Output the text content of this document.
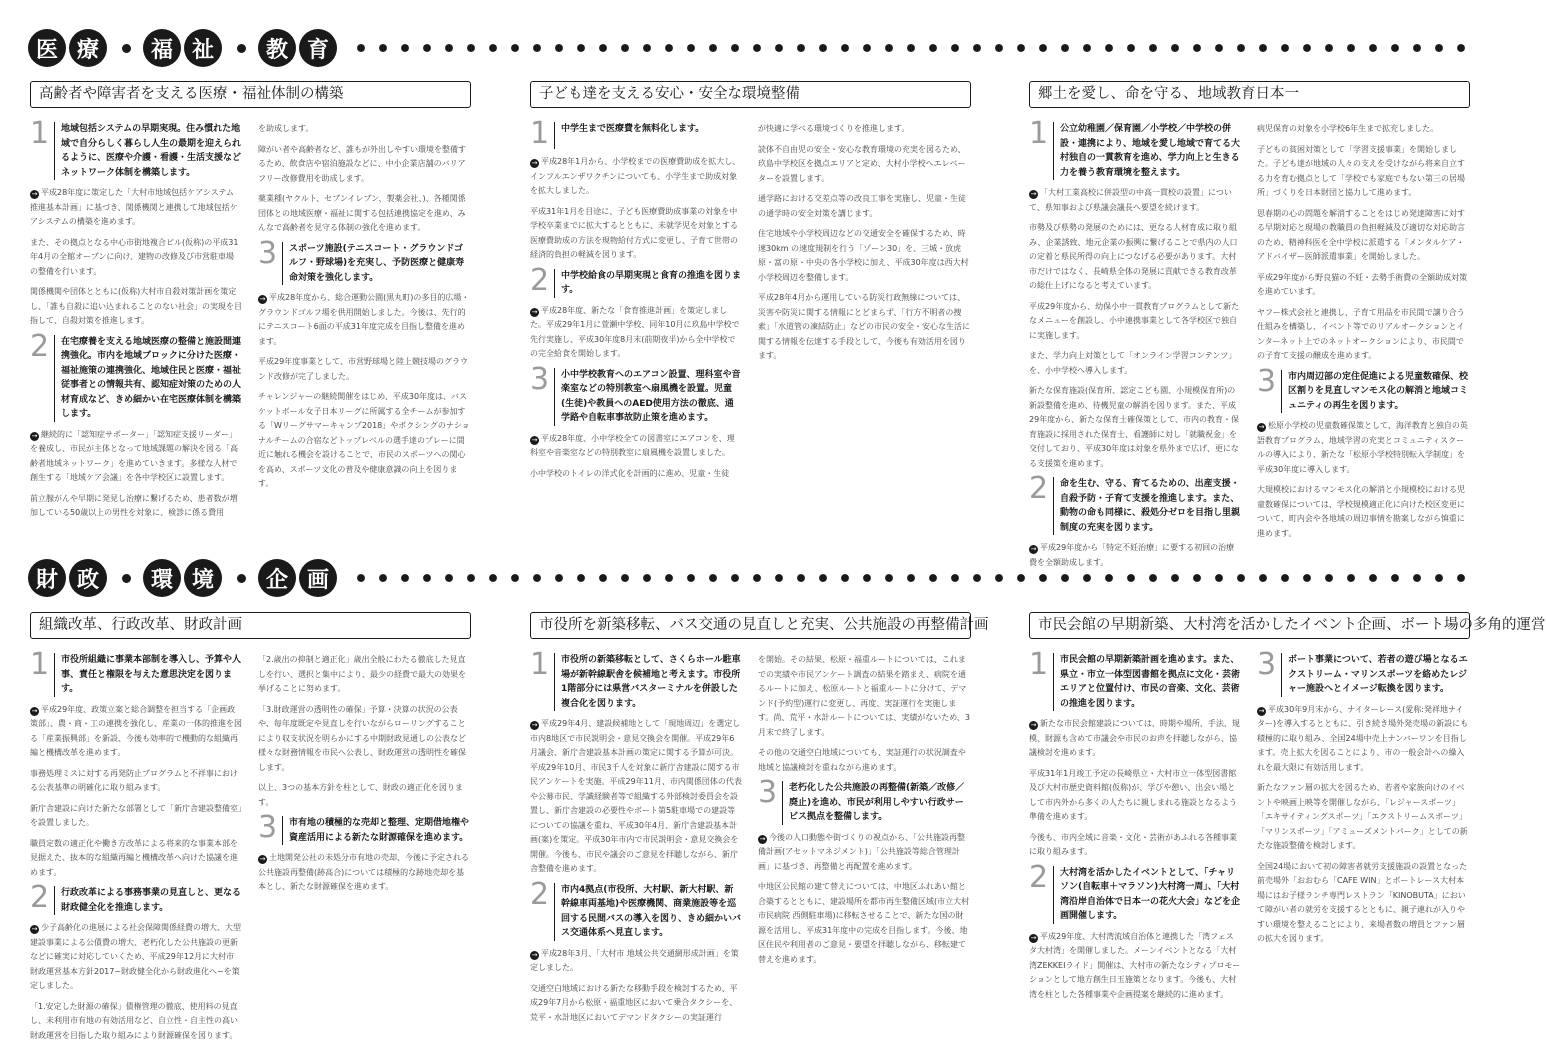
医 療	福 祉	教 育
高齢者や障害者を支える医療・福祉体制の構築
1	地域包括システムの早期実現。住み慣れた地域で自分らしく暮らし人生の最期を迎えられるように、医療や介護・看護・生活支援などネットワーク体制を構築します。
→ 平成28年度に策定した「大村市地域包括ケアシステム推進基本計画」に基づき、関係機関と連携して地域包括ケアシステムの構築を進めます。
また、その拠点となる中心市街地複合ビル(仮称)の平成31年4月の全館オープンに向け、建物の改修及び市営駐車場の整備を行います。
関係機関や団体とともに(仮称)大村市自殺対策計画を策定し、「誰も自殺に追い込まれることのない社会」の実現を目指して、自殺対策を推進します。
2	在宅療養を支える地域医療の整備と施設間連携強化。市内を地域ブロックに分けた医療・福祉施策の連携強化、地域住民と医療・福祉従事者との情報共有、認知症対策のための人材育成など、きめ細かい在宅医療体制を構築します。
→ 継続的に「認知症サポーター」「認知症支援リーダー」を養成し、市民が主体となって地域課題の解決を図る「高齢者地域ネットワーク」を進めていきます。多様な人材で創生する「地域ケア会議」を各中学校区に設置します。
前立腺がんや早期に発見し治療に繋げるため、患者数が増加している50歳以上の男性を対象に、検診に係る費用
を助成します。
障がい者や高齢者など、誰もが外出しやすい環境を整備するため、飲食店や宿泊施設などに、中小企業店舗のバリアフリー改修費用を助成します。
薬業種(ヤクルト、セブンイレブン、製薬会社、)、各種関係団体との地域医療・福祉に関する包括連携協定を進め、みんなで高齢者を見守る体制の強化を進めます。
3	スポーツ施設(テニスコート・グラウンドゴルフ・野球場)を充実し、予防医療と健康寿命対策を強化します。
→ 平成28年度から、総合運動公園(黒丸町)の多目的広場・グラウンドゴルフ場を供用開始しました。今後は、先行的にテニスコート6面の平成31年度完成を目指し整備を進めます。
平成29年度事業として、市営野球場と陸上競技場のグラウンド改修が完了しました。
チャレンジャーの継続開催をはじめ、平成30年度は、バスケットボール女子日本リーグに所属する全チームが参加する「Wリーグサマーキャンプ2018」やボクシングのナショナルチームの合宿などトップレベルの選手達のプレーに間近に触れる機会を設けることで、市民のスポーツへの関心を高め、スポーツ文化の普及や健康意識の向上を図ります。
子ども達を支える安心・安全な環境整備
1	中学生まで医療費を無料化します。
→ 平成28年1月から、小学校までの医療費助成を拡大し、インフルエンザワクチンについても、小学生まで助成対象を拡大しました。
平成31年1月を目途に、子ども医療費助成事業の対象を中学校卒業までに拡大するとともに、未就学児を対象とする医療費助成の方法を現物給付方式に変更し、子育て世帯の経済的負担の軽減を図ります。
2	中学校給食の早期実現と食育の推進を図ります。
→ 平成28年度、新たな「食育推進計画」を策定しました。平成29年1月に萱瀬中学校、同年10月に玖島中学校で先行実施し、平成30年度8月末(前期夜半)から全中学校での完全給食を開始します。
3	小中学校教育へのエアコン設置、理科室や音楽室などの特別教室へ扇風機を設置。児童(生徒)や教員へのAED使用方法の徹底、通学路や自転車事故防止策を進めます。
→ 平成28年度、小中学校全ての図書室にエアコンを、理科室や音楽室などの特別教室に扇風機を設置しました。
小中学校のトイレの洋式化を計画的に進め、児童・生徒
が快適に学べる環境づくりを推進します。
読体不自由児の安全・安心な教育環境の充実を図るため、玖島中学校区を拠点エリアと定め、大村小学校へエレベーターを設置します。
通学路における交差点等の改良工事を実施し、児童・生徒の通学時の安全対策を講じます。
住宅地域や小学校周辺などの交通安全を確保するため、時速30km の速度規制を行う「ゾーン30」を、三城・放虎原・富の原・中央の各小学校に加え、平成30年度は西大村小学校周辺を整備します。
平成28年4月から運用している防災行政無線については、災害や防災に関する情報にとどまらず、「行方不明者の捜索」「水道管の凍結防止」などの市民の安全・安心な生活に関する情報を伝達する手段として、今後も有効活用を図ります。
郷土を愛し、命を守る、地域教育日本一
1	公立幼稚園／保育園／小学校／中学校の併設・連携により、地域を愛し地域で育てる大村独自の一貫教育を進め、学力向上と生きる力を養う教育環境を整えます。
→ 「大村工業高校に併設型の中高一貫校の設置」について、県知事および県議会議長へ要望を続けます。
市勢及び県勢の発展のためには、更なる人材育成に取り組み、企業誘致、地元企業の振興に繋げることで県内の人口の定着と県民所得の向上につなげる必要があります。大村市だけではなく、長崎県全体の発展に貢献できる教育改革の総仕上げになると考えています。
平成29年度から、幼保小中一貫教育プログラムとして新たなメニューを創設し、小中連携事業として各学校区で独自に実施します。
また、学力向上対策として「オンライン学習コンテンツ」を、小中学校へ導入します。
新たな保育施設(保育所、認定こども園、小規模保育所)の新設整備を進め、待機児童の解消を図ります。また、平成29年度から、新たな保育士確保策として、市内の教育・保育施設に採用された保育士、看護師に対し「就職祝金」を交付しており、平成30年度は対象を県外まで広げ、更になる支援策を進めます。
2	命を生む、守る、育てるための、出産支援・自殺予防・子育て支援を推進します。また、動物の命も同様に、殺処分ゼロを目指し里親制度の充実を図ります。
→ 平成29年度から「特定不妊治療」に要する初回の治療費を全額助成します。
病児保育の対象を小学校6年生まで拡充しました。
子どもの貧困対策として「学習支援事業」を開始しました。子ども達が地域の人々の支えを受けながら将来自立する力を育む拠点として「学校でも家庭でもない第三の居場所」づくりを日本財団と協力して進めます。
思春期の心の問題を解消することをはじめ発達障害に対する早期対応と現場の教職員の負担軽減及び適切な対応助言のため、精神科医を全中学校に派遣する「メンタルケア・アドバイザー医師派遣事業」を開始しました。
平成29年度から野良猫の不妊・去勢手術費の全額助成対策を進めています。
ヤフー株式会社と連携し、子育て用品を市民間で譲り合う仕組みを構築し、イベント等でのリアルオークションとインターネット上でのネットオークションにより、市民間での子育て支援の醸成を進めます。
3	市内周辺部の定住促進による児童数確保、校区割りを見直しマンモス化の解消と地域コミュニティの再生を図ります。
→ 松原小学校の児童数確保策として、海洋教育と独自の英語教育プログラム、地域学習の充実とコミュニティスクールの導入により、新たな「松原小学校特別転入学制度」を平成30年度に導入します。
大規模校におけるマンモス化の解消と小規模校における児童数確保については、学校規模適正化に向けた校区変更について、町内会や各地域の周辺事情を勘案しながら慎重に進めます。
財 政	環 境	企 画
組織改革、行政改革、財政計画
1	市役所組織に事業本部制を導入し、予算や人事、責任と権限を与えた意思決定を図ります。
→ 平成29年度、政策立案と総合調整を担当する「企画政策部」、農・商・工の連携を強化し、産業の一体的推進を図る「産業振興部」を新設、今後も効率的で機動的な組織再編と機構改革を進めます。
事務処理ミスに対する再発防止プログラムと不祥事における公表基準の明確化に取り組みます。
新庁舎建設に向けた新たな部署として「新庁舎建設整備室」を設置しました。
職員定数の適正化や働き方改革による将来的な事業本部を見据えた、抜本的な組織再編と機構改革へ向けた協議を進めます。
2	行政改革による事務事業の見直しと、更なる財政健全化を推進します。
→ 少子高齢化の進展による社会保障関係経費の増大、大型建設事業による公債費の増大、老朽化した公共施設の更新などに確実に対応していくため、平成29年12月に大村市財政運営基本方針2017~財政健全化から財政進化へ~を策定しました。
「1.安定した財源の確保」債権管理の徹底、使用料の見直し、未利用市有地の有効活用など、自立性・自主性の高い財政運営を目指した取り組みにより財源確保を図ります。
「2.歳出の抑制と適正化」歳出全般にわたる徹底した見直しを行い、選択と集中により、最少の経費で最大の効果を挙げることに努めます。
「3.財政運営の透明性の確保」予算・決算の状況の公表や、毎年度既定や見直しを行いながらローリングすることにより収支状況を明らかにする中期財政見通しの公表など様々な財務情報を市民へ公表し、財政運営の透明性を確保します。
以上、3つの基本方針を柱として、財政の適正化を図ります。
3	市有地の積極的な売却と整理、定期借地権や資産活用による新たな財源確保を進めます。
→ 土地開発公社の未処分市有地の売却、今後に予定される公共施設再整備(跡高合)については積極的な跡地売却を基本とし、新たな財源確保を進めます。
市役所を新築移転、バス交通の見直しと充実、公共施設の再整備計画
1	市役所の新築移転として、さくらホール駐車場が新幹線駅舎を候補地と考えます。市役所1階部分には県営バスターミナルを併設した複合化を図ります。
→ 平成29年4月、建設候補地として「現地周辺」を選定し市内8地区で市民説明会・意見交換会を開催。平成29年6月議会、新庁舎建設基本計画の策定に関する予算が可決。平成29年10月、市民3千人を対象に新庁舎建設に関する市民アンケートを実施。平成29年11月、市内関係団体の代表や公募市民、学識経験者等で組織する外部検討委員会を設置し、新庁舎建設の必要性やボート第5駐車場での建設等についての協議を重ね、平成30年4月、新庁舎建設基本計画(案)を策定。平成30年市内で市民説明会・意見交換会を開催。今後も、市民や議会のご意見を拝聴しながら、新庁舎整備を進めます。
2	市内4拠点(市役所、大村駅、新大村駅、新幹線車両基地)や医療機関、商業施設等を巡回する民間バスの導入を図り、きめ細かいバス交通体系へ見直します。
→ 平成28年3月、「大村市 地域公共交通網形成計画」を策定しました。
交通空白地域における新たな移動手段を検討するため、平成29年7月から松原・福重地区において乗合タクシーを、荒平・水計地区においてデマンドタクシーの実証運行
を開始。その結果、松原・福重ルートについては、これまでの実績や市民アンケート調査の結果を踏まえ、病院を通るルートに加え、松原ルートと福重ルートに分けて、デマンド(予約型)運行に変更し、再度、実証運行を実施します。尚、荒平・水計ルートについては、実績がないため、3月末で終了します。
その他の交通空白地域についても、実証運行の状況調査や地域と協議検討を重ねながら進めます。
3	老朽化した公共施設の再整備(新築／改修／廃止)を進め、市民が利用しやすい行政サービス拠点を整備します。
→ 今後の人口動態や街づくりの視点から、「公共施設再整備計画(アセットマネジメント)」「公共施設等総合管理計画」に基づき、再整備と再配置を進めます。
中地区公民館の建て替えについては、中地区ふれあい館と合築するとともに、建設場所を都市再生整備区域(市立大村市民病院 西側駐車場)に移転させることで、新たな国の財源を活用し、平成31年度中の完成を目指します。今後、地区住民や利用者のご意見・要望を拝聴しながら、移転建て替えを進めます。
市民会館の早期新築、大村湾を活かしたイベント企画、ボート場の多角的運営
1	市民会館の早期新築計画を進めます。また、県立・市立一体型図書館を拠点に文化・芸術エリアと位置付け、市民の音楽、文化、芸術の推進を図ります。
→ 新たな市民会館建設については、時期や場所、手法、規模、財源も含めて市議会や市民のお声を拝聴しながら、協議検討を進めます。
平成31年1月竣工予定の長崎県立・大村市立一体型図書館及び大村市歴史資料館(仮称)が、学びや憩い、出会い場として市内外から多くの人たちに親しまれる施設となるよう準備を進めます。
今後も、市内全域に音楽・文化・芸術があふれる各種事業に取り組みます。
2	大村湾を活かしたイベントとして、「チャリソン(自転車＋マラソン)大村湾一周」、「大村湾沿岸自治体で日本一の花火大会」などを企画開催します。
→ 平成29年度、大村湾流域自治体と連携した「湾フェスタ大村湾」を開催しました。メーンイベントとなる「大村湾ZEKKEIライド」開催は、大村市の新たなシティプロモーションとして地方創生日玉施策となります。今後も、大村湾を柱とした各種事業や企画提案を継続的に進めます。
3	ボート事業について、若者の遊び場となるエクストリーム・マリンスポーツを絡めたレジャー施設へとイメージ転換を図ります。
→ 平成30年9月末から、ナイターレース(愛称:発祥地ナイター)を導入するとともに、引き続き場外発売場の新設にも積極的に取り組み、全国24場中売上ナンバーワンを目指します。売上拡大を図ることにより、市の一般会計への繰入れを最大限に有効活用します。
新たなファン層の拡大を図るため、若者や家族向けのイベントや映画上映等を開催しながら、「レジャースポーツ」「エキサイティングスポーツ」「エクストリームスポーツ」「マリンスポーツ」「アミューズメントパーク」としての新たな施設整備を検討します。
全国24場において初の障害者就労支援施設の設置となった前売場外「おおむら「CAFE WIN」とボートレース大村本場にはお子様ランチ専門レストラン「KINOBUTA」において障がい者の就労を支援するとともに、親子連れが入りやすい環境を整えることにより、来場者数の増員とファン層の拡大を図ります。
